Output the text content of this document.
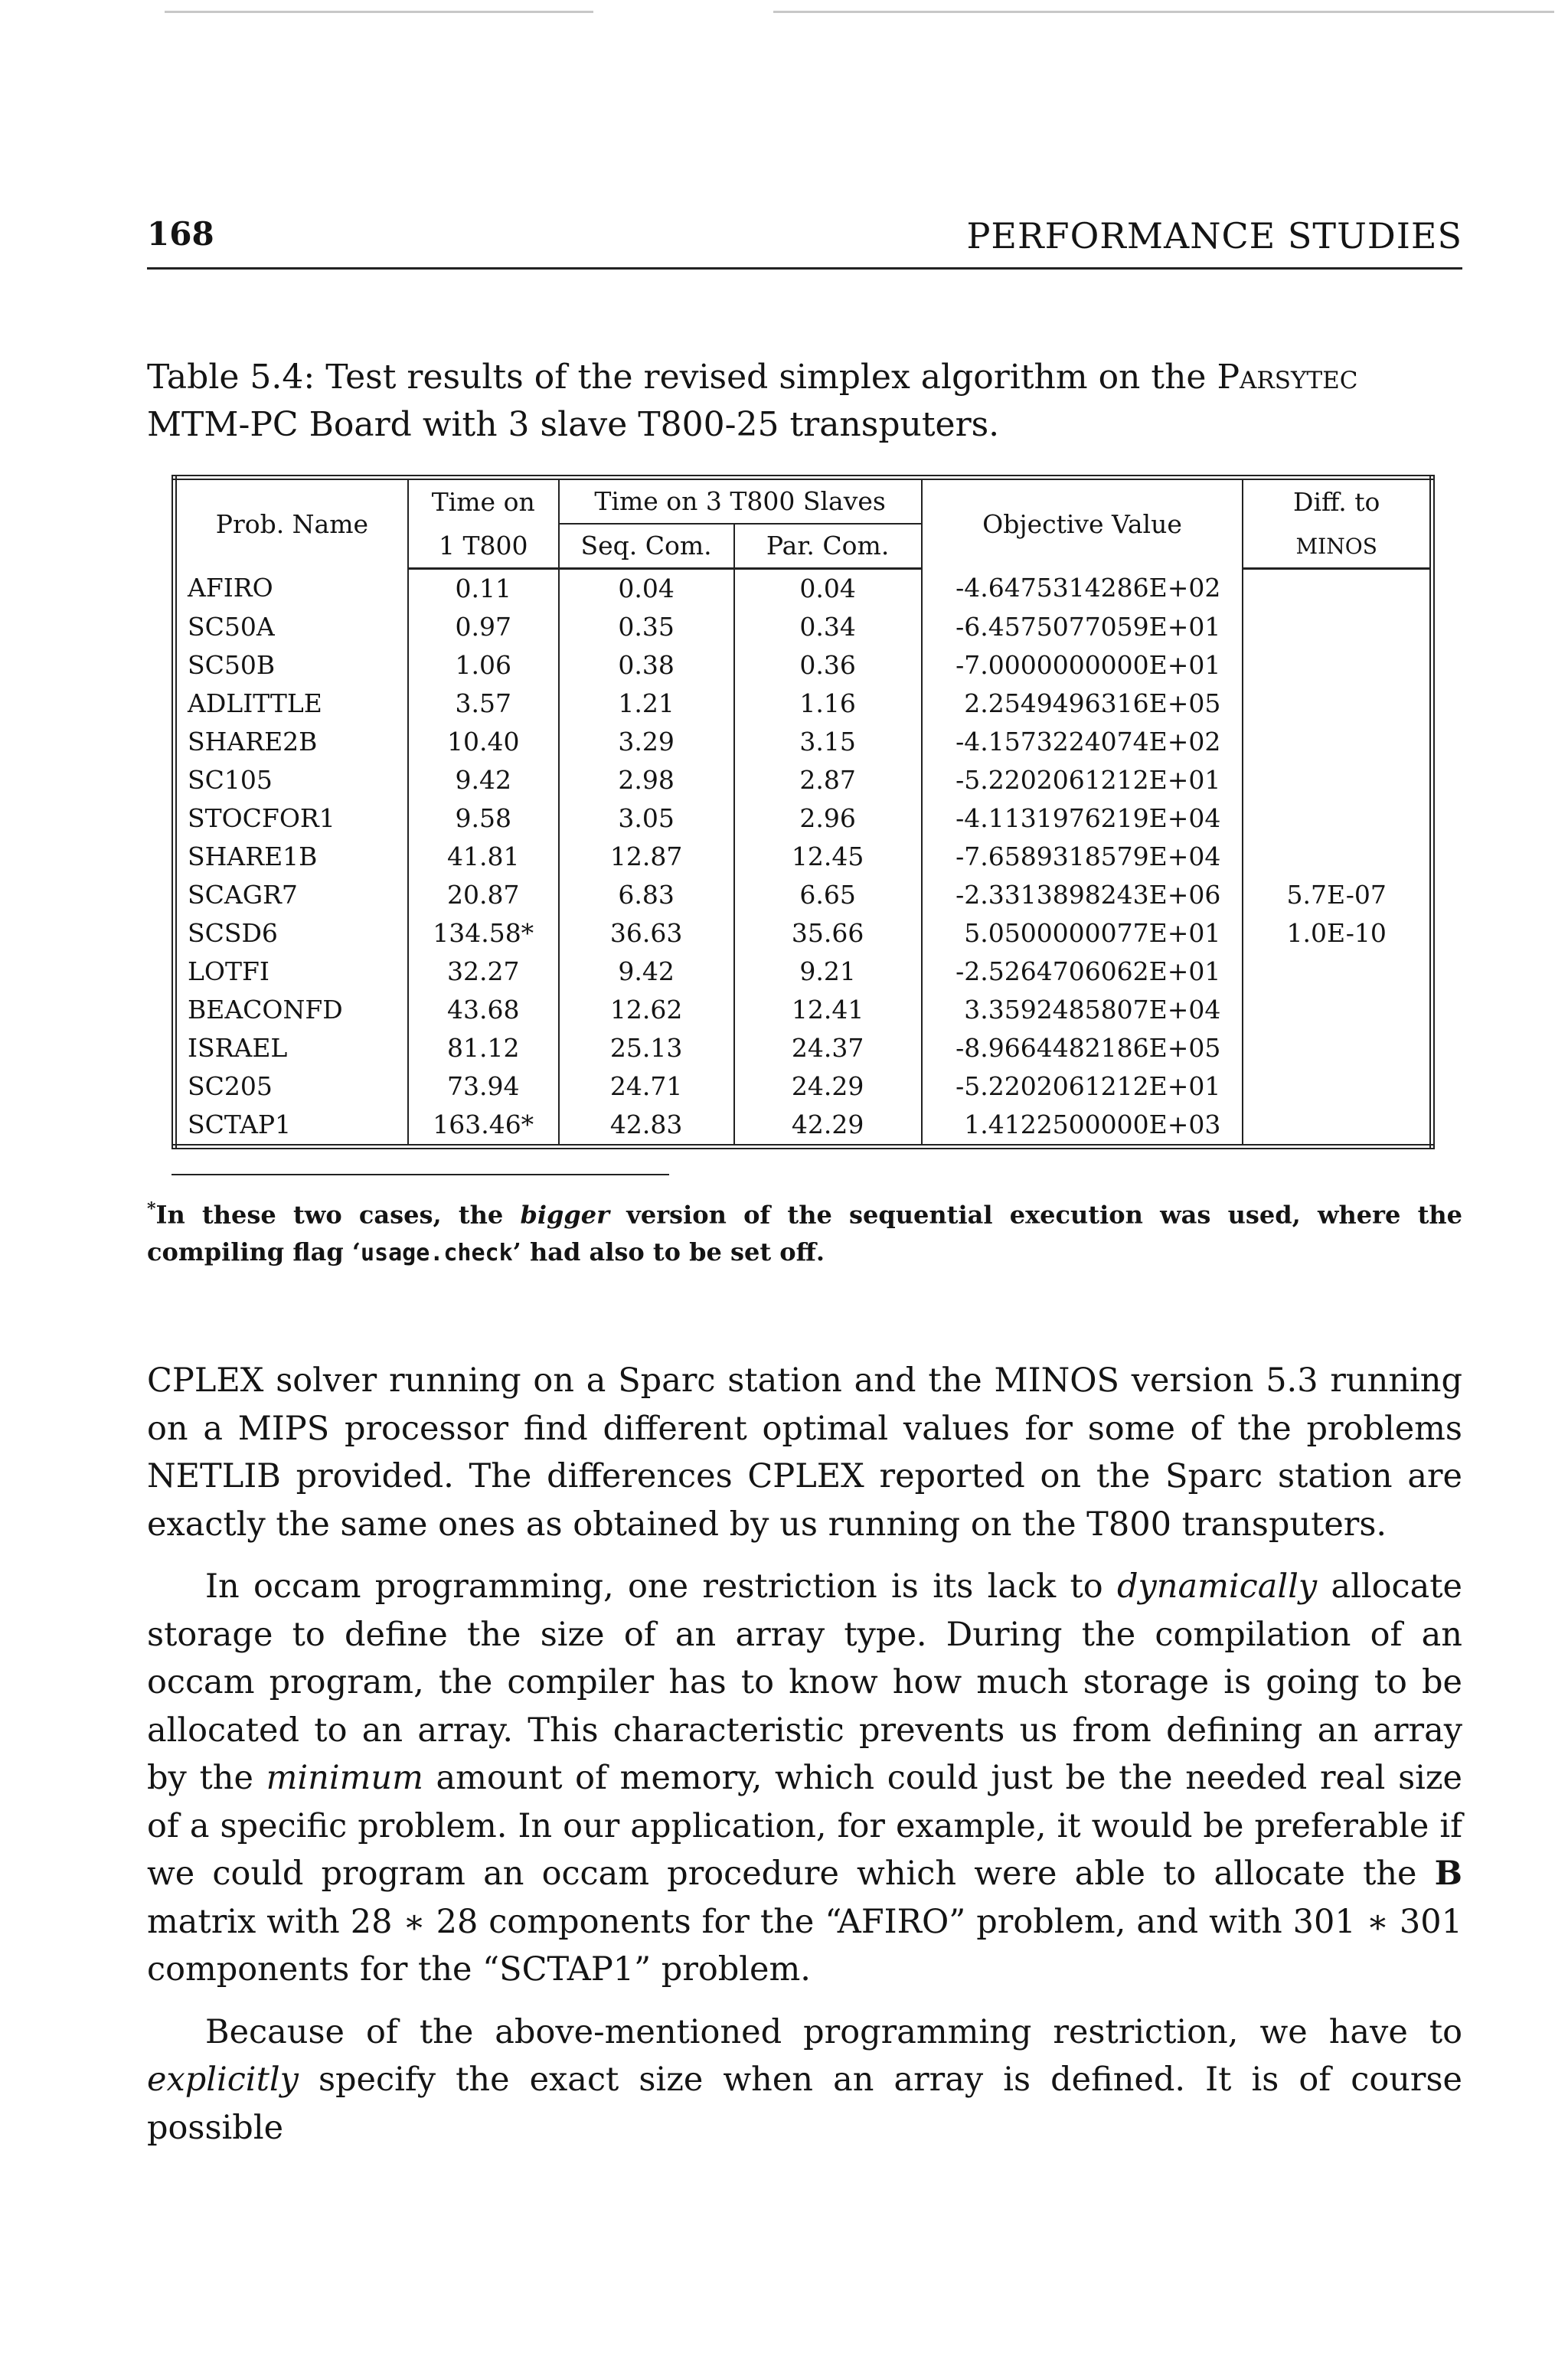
168	PERFORMANCE STUDIES
Table 5.4: Test results of the revised simplex algorithm on the Parsytec MTM-PC Board with 3 slave T800-25 transputers.
Prob. Name	Time on	Time on 3 T800 Slaves		Objective Value	Diff. to
	1 T800	Seq. Com.	Par. Com.		MINOS
AFIRO	0.11	0.04	0.04	-4.6475314286E+02	
SC50A	0.97	0.35	0.34	-6.4575077059E+01	
SC50B	1.06	0.38	0.36	-7.0000000000E+01	
ADLITTLE	3.57	1.21	1.16	2.2549496316E+05	
SHARE2B	10.40	3.29	3.15	-4.1573224074E+02	
SC105	9.42	2.98	2.87	-5.2202061212E+01	
STOCFOR1	9.58	3.05	2.96	-4.1131976219E+04	
SHARE1B	41.81	12.87	12.45	-7.6589318579E+04	
SCAGR7	20.87	6.83	6.65	-2.3313898243E+06	5.7E-07
SCSD6	134.58*	36.63	35.66	5.0500000077E+01	1.0E-10
LOTFI	32.27	9.42	9.21	-2.5264706062E+01	
BEACONFD	43.68	12.62	12.41	3.3592485807E+04	
ISRAEL	81.12	25.13	24.37	-8.9664482186E+05	
SC205	73.94	24.71	24.29	-5.2202061212E+01	
SCTAP1	163.46*	42.83	42.29	1.4122500000E+03	
*In these two cases, the bigger version of the sequential execution was used, where the compiling flag ‘usage.check’ had also to be set off.

CPLEX solver running on a Sparc station and the MINOS version 5.3 running on a MIPS processor find different optimal values for some of the problems NETLIB provided. The differences CPLEX reported on the Sparc station are exactly the same ones as obtained by us running on the T800 transputers.

In occam programming, one restriction is its lack to dynamically allocate storage to define the size of an array type. During the compilation of an occam program, the compiler has to know how much storage is going to be allocated to an array. This characteristic prevents us from defining an array by the minimum amount of memory, which could just be the needed real size of a specific problem. In our application, for example, it would be preferable if we could program an occam procedure which were able to allocate the B matrix with 28 ∗ 28 components for the “AFIRO” problem, and with 301 ∗ 301 components for the “SCTAP1” problem.

Because of the above-mentioned programming restriction, we have to explicitly specify the exact size when an array is defined. It is of course possible
